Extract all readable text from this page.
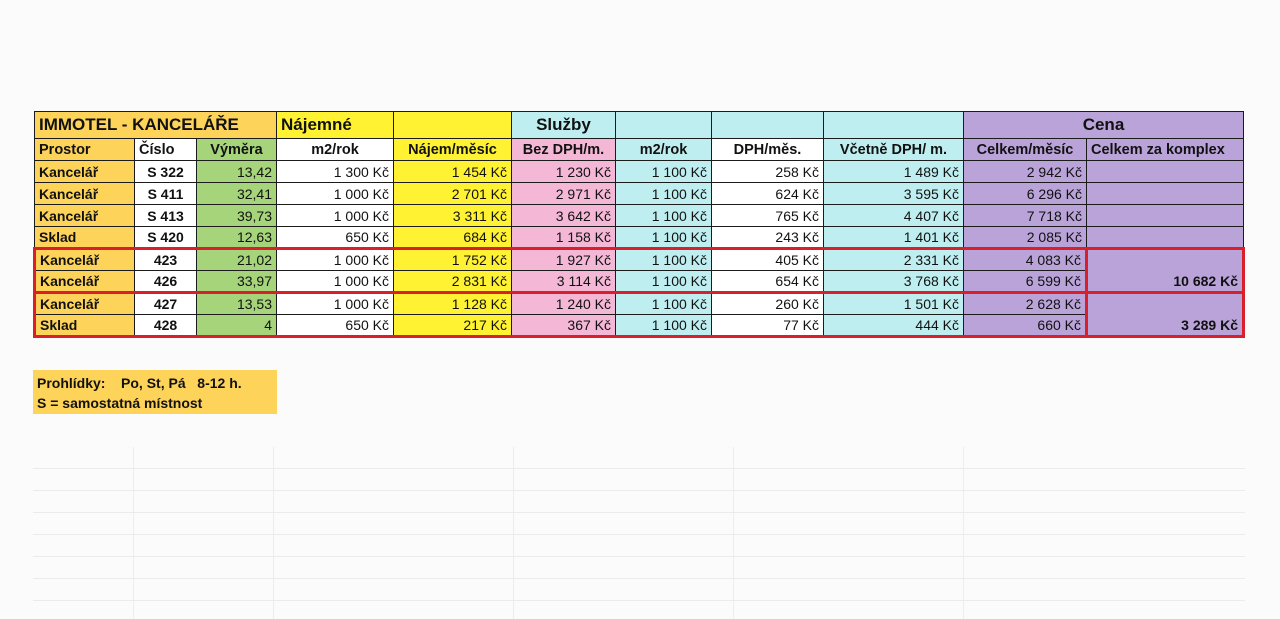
IMMOTEL - KANCELÁŘE			Nájemné		Služby				Cena	
Prostor	Číslo	Výměra	m2/rok	Nájem/měsíc	Bez DPH/m.	m2/rok	DPH/měs.	Včetně DPH/ m.	Celkem/měsíc	Celkem za komplex
Kancelář	S 322	13,42	1 300 Kč	1 454 Kč	1 230 Kč	1 100 Kč	258 Kč	1 489 Kč	2 942 Kč	
Kancelář	S 411	32,41	1 000 Kč	2 701 Kč	2 971 Kč	1 100 Kč	624 Kč	3 595 Kč	6 296 Kč	
Kancelář	S 413	39,73	1 000 Kč	3 311 Kč	3 642 Kč	1 100 Kč	765 Kč	4 407 Kč	7 718 Kč	
Sklad	S 420	12,63	650 Kč	684 Kč	1 158 Kč	1 100 Kč	243 Kč	1 401 Kč	2 085 Kč	
Kancelář	423	21,02	1 000 Kč	1 752 Kč	1 927 Kč	1 100 Kč	405 Kč	2 331 Kč	4 083 Kč	10 682 Kč
Kancelář	426	33,97	1 000 Kč	2 831 Kč	3 114 Kč	1 100 Kč	654 Kč	3 768 Kč	6 599 Kč	
Kancelář	427	13,53	1 000 Kč	1 128 Kč	1 240 Kč	1 100 Kč	260 Kč	1 501 Kč	2 628 Kč	3 289 Kč
Sklad	428	4	650 Kč	217 Kč	367 Kč	1 100 Kč	77 Kč	444 Kč	660 Kč	
Prohlídky: Po, St, Pá 8-12 h.
S = samostatná místnost
